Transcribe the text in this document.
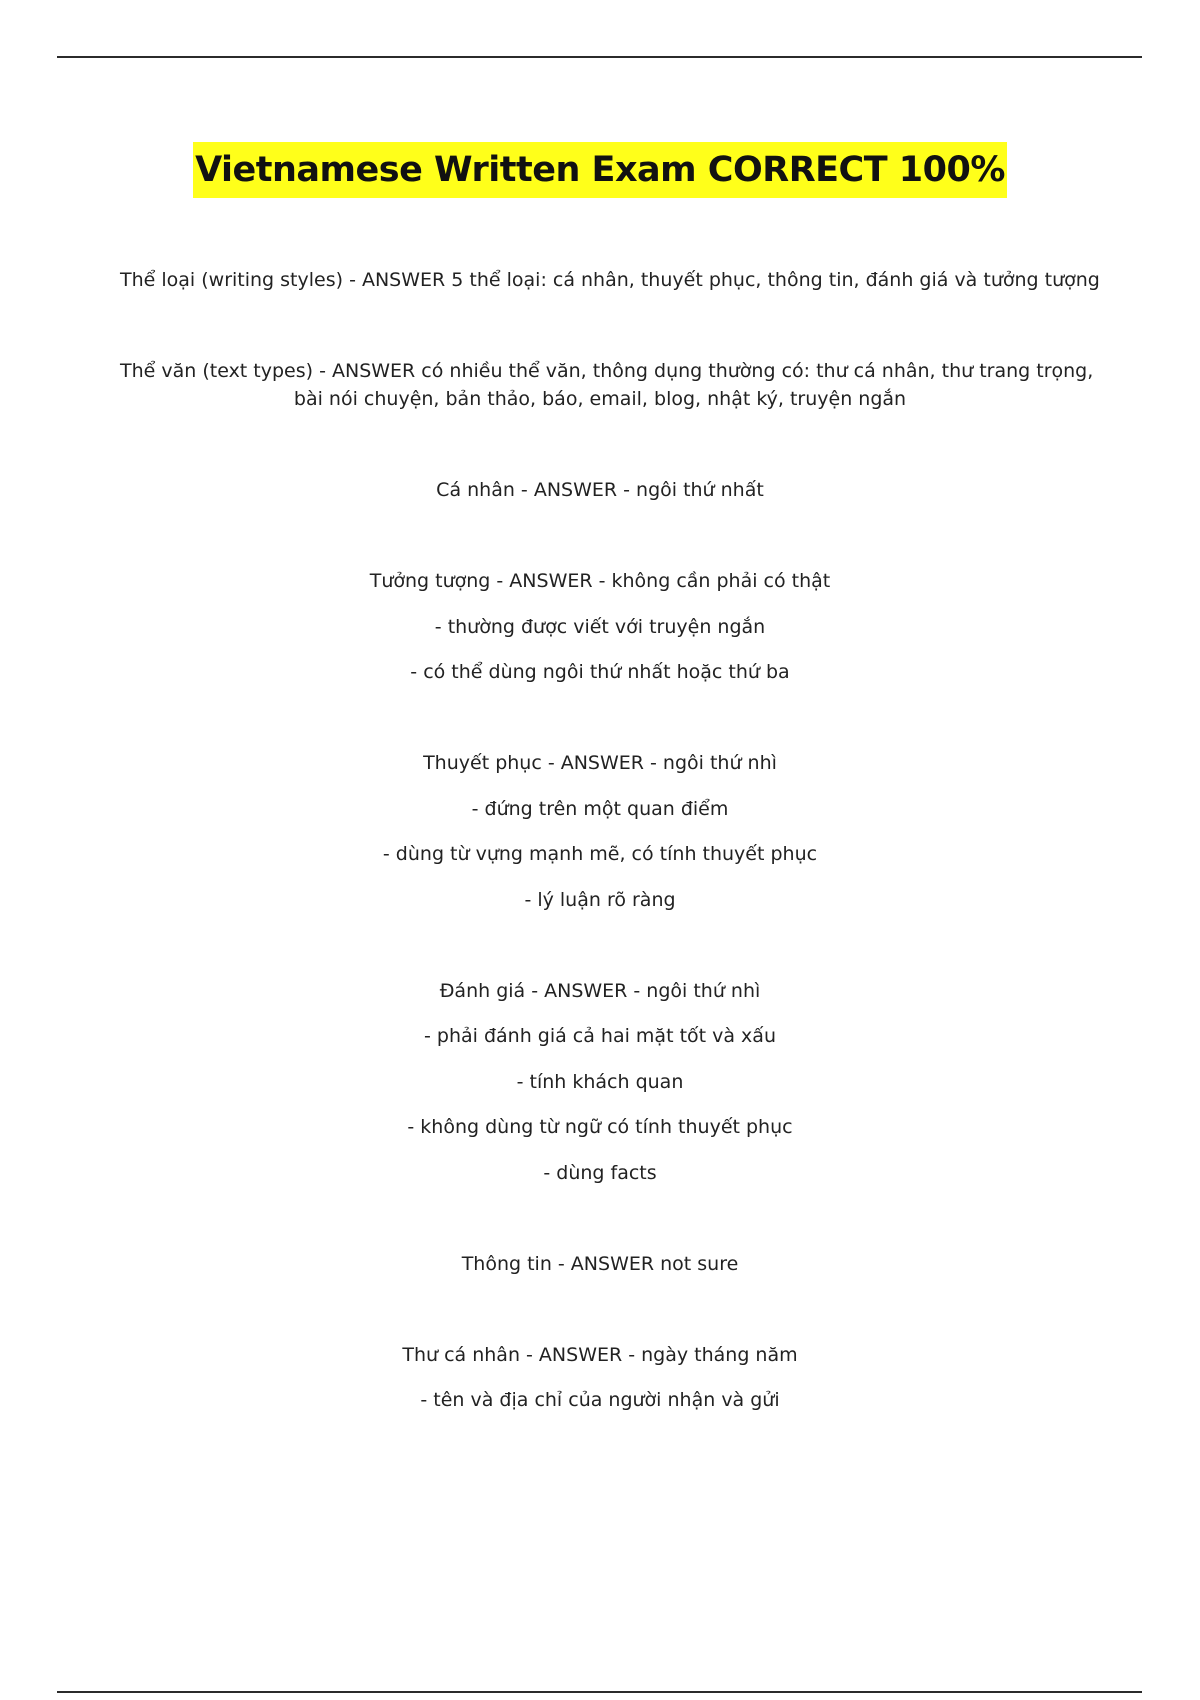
Vietnamese Written Exam CORRECT 100%
Thể loại (writing styles) - ANSWER 5 thể loại: cá nhân, thuyết phục, thông tin, đánh giá và tưởng tượng
Thể văn (text types) - ANSWER có nhiều thể văn, thông dụng thường có: thư cá nhân, thư trang trọng,
bài nói chuyện, bản thảo, báo, email, blog, nhật ký, truyện ngắn
Cá nhân - ANSWER - ngôi thứ nhất
Tưởng tượng - ANSWER - không cần phải có thật
- thường được viết với truyện ngắn
- có thể dùng ngôi thứ nhất hoặc thứ ba
Thuyết phục - ANSWER - ngôi thứ nhì
- đứng trên một quan điểm
- dùng từ vựng mạnh mẽ, có tính thuyết phục
- lý luận rõ ràng
Đánh giá - ANSWER - ngôi thứ nhì
- phải đánh giá cả hai mặt tốt và xấu
- tính khách quan
- không dùng từ ngữ có tính thuyết phục
- dùng facts
Thông tin - ANSWER not sure
Thư cá nhân - ANSWER - ngày tháng năm
- tên và địa chỉ của người nhận và gửi
